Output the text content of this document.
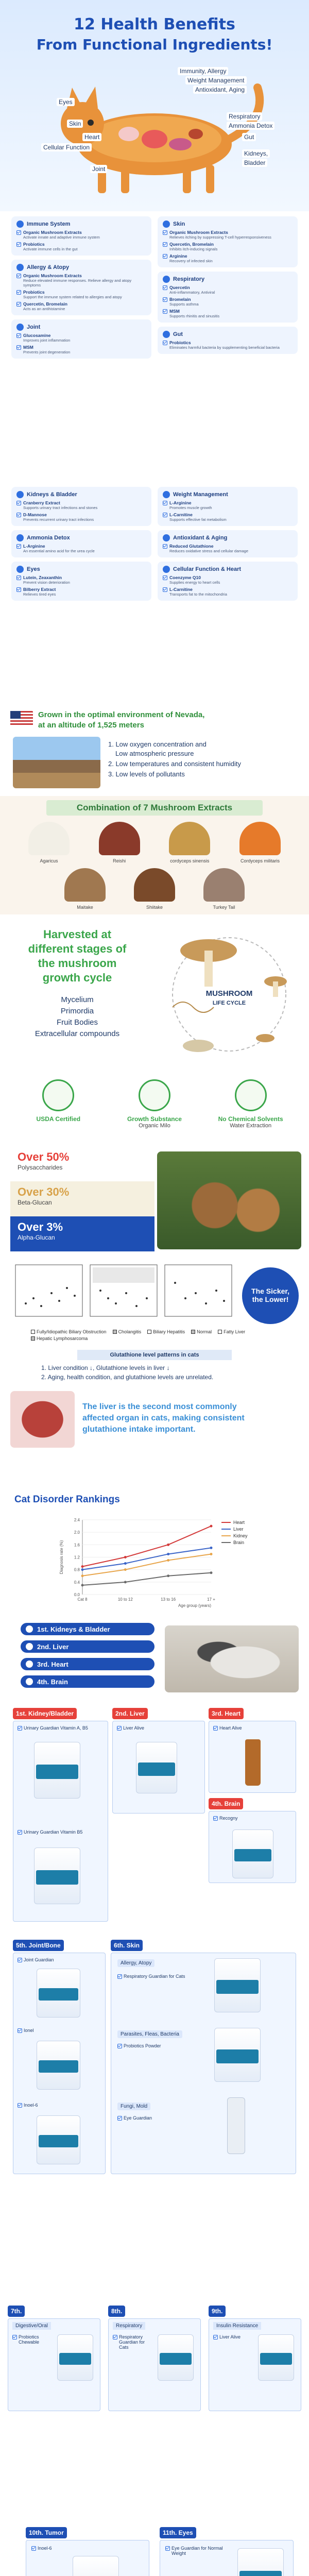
12 Health Benefits
From Functional Ingredients!
Immunity, Allergy
Weight Management
Antioxidant, Aging
Eyes
Skin
Respiratory
Ammonia Detox
Heart	Gut
Cellular Function
Kidneys,
Joint
Bladder
Immune System
Organic Mushroom Extracts
Activate innate and adaptive immune system
Probiotics
Activate immune cells in the gut
Allergy & Atopy
Organic Mushroom Extracts
Reduce elevated immune responses. Relieve allergy and atopy symptoms
Probiotics
Support the immune system related to allergies and atopy
Quercetin, Bromelain
Acts as an antihistamine
Joint
Glucosamine
Improves joint inflammation
MSM
Prevents joint degeneration
Skin
Organic Mushroom Extracts
Relieves itching by suppressing T-cell hyperresponsiveness
Quercetin, Bromelain
Inhibits itch-inducing signals
Arginine
Recovery of infected skin
Respiratory
Quercetin
Anti-inflammatory, Antiviral
Bromelain
Supports asthma
MSM
Supports rhinitis and sinusitis
Gut
Probiotics
Eliminates harmful bacteria by supplementing beneficial bacteria
Kidneys & Bladder
Cranberry Extract
Supports urinary tract infections and stones
D-Mannose
Prevents recurrent urinary tract infections
Ammonia Detox
L-Arginine
An essential amino acid for the urea cycle
Eyes
Lutein, Zeaxanthin
Prevent vision deterioration
Bilberry Extract
Relieves tired eyes
Weight Management
L-Arginine
Promotes muscle growth
L-Carnitine
Supports effective fat metabolism
Antioxidant & Aging
Reduced Glutathione
Reduces oxidative stress and cellular damage
Cellular Function & Heart
Coenzyme Q10
Supplies energy to heart cells
L-Carnitine
Transports fat to the mitochondria
Grown in the optimal environment of Nevada,
at an altitude of 1,525 meters
1. Low oxygen concentration and
Low atmospheric pressure
2. Low temperatures and consistent humidity
3. Low levels of pollutants
Combination of 7 Mushroom Extracts
Agaricus	Reishi	cordyceps sinensis	Cordyceps militaris
Maitake	Shiitake	Turkey Tail
Harvested at
different stages of
the mushroom
growth cycle
Mycelium
Primordia
Fruit Bodies
Extracellular compounds
MUSHROOM
LIFE CYCLE
USDA Certified	Growth Substance
Organic Milo
No Chemical Solvents
Water Extraction
Over 50%
Polysaccharides
Over 30%
Beta-Glucan
Over 3%
Alpha-Glucan
The Sicker,
the Lower!
Fully/Idiopathic Biliary Obstruction	Cholangitis	Biliary Hepatitis	Normal	Fatty Liver
Hepatic Lymphosarcoma
Glutathione level patterns in cats
1. Liver condition ↓, Glutathione levels in liver ↓
2. Aging, health condition, and glutathione levels are unrelated.
The liver is the second most commonly
affected organ in cats, making consistent
glutathione intake important.
Cat Disorder Rankings
0.0
0.4
0.8
1.2
1.6
2.0
2.4
Cat 8	10 to 12	13 to 16	17 +
Age group (years)
Diagnosis rate (%)
Heart
Liver
Kidney
Brain
1st. Kidneys & Bladder
2nd. Liver
3rd. Heart
4th. Brain
1st. Kidney/Bladder	2nd. Liver	3rd. Heart
4th. Brain
Urinary Guardian Vitamin A, B5
Urinary Guardian Vitamin B5
Liver Alive	Heart Alive
Recogny
5th. Joint/Bone	6th. Skin
Joint Guardian
Ionel
Inoel-6
Allergy, Atopy
Respiratory Guardian for Cats
Parasites, Fleas, Bacteria
Probiotics Powder
Fungi, Mold
Eye Guardian
7th.	8th.	9th.
Digestive/Oral
Probiotics Chewable
Respiratory
Respiratory Guardian for Cats
Insulin Resistance
Liver Alive
10th. Tumor	11th. Eyes
Inoel-6	Eye Guardian for Normal Weight
